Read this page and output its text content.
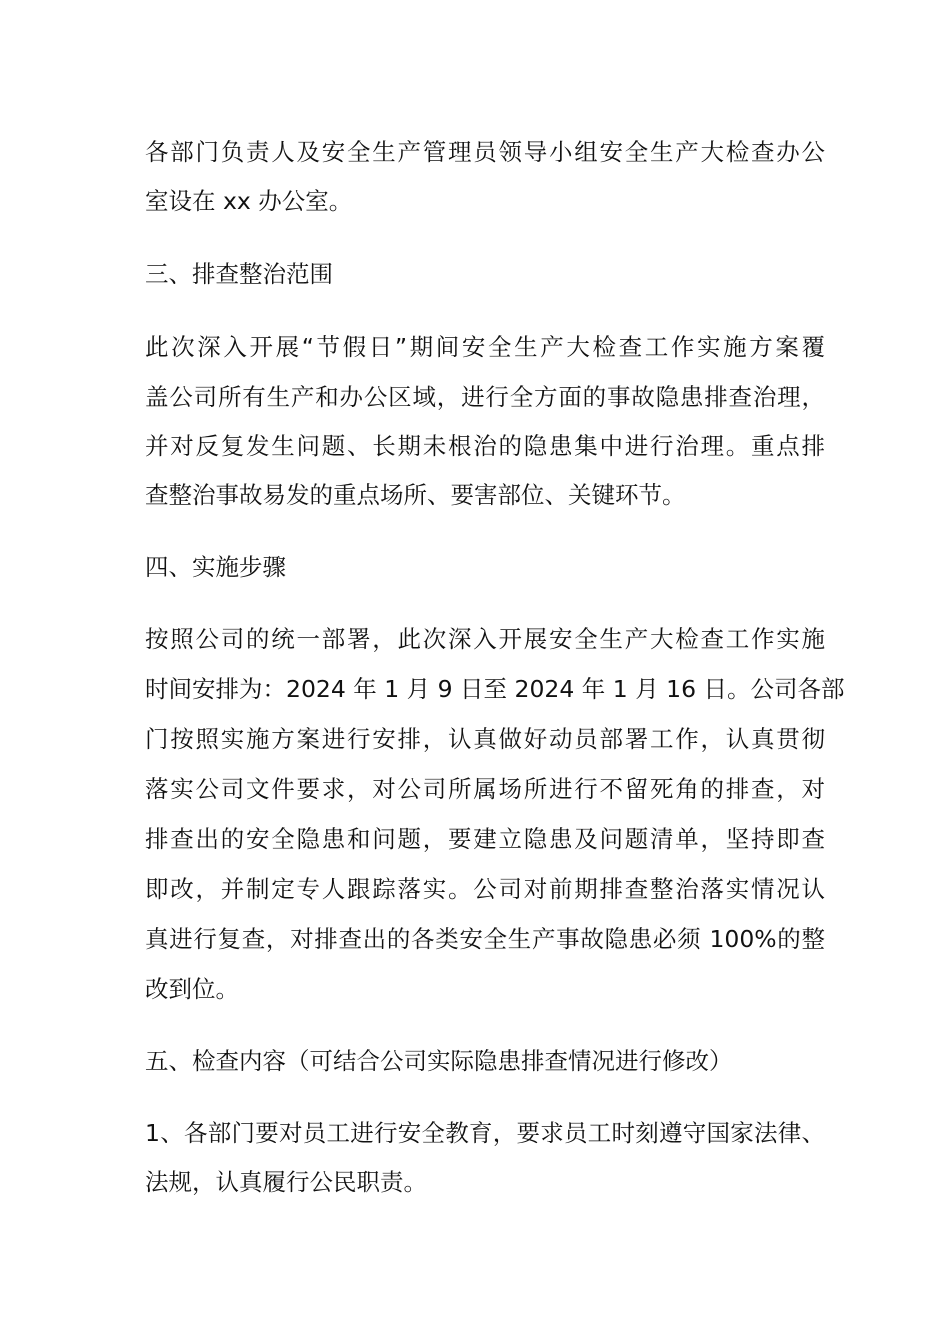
各部门负责人及安全生产管理员领导小组安全生产大检查办公
室设在 xx 办公室。
三、排查整治范围
此次深入开展“节假日”期间安全生产大检查工作实施方案覆
盖公司所有生产和办公区域，进行全方面的事故隐患排查治理，
并对反复发生问题、长期未根治的隐患集中进行治理。重点排
查整治事故易发的重点场所、要害部位、关键环节。
四、实施步骤
按照公司的统一部署，此次深入开展安全生产大检查工作实施
时间安排为：2024 年 1 月 9 日至 2024 年 1 月 16 日。公司各部
门按照实施方案进行安排，认真做好动员部署工作，认真贯彻
落实公司文件要求，对公司所属场所进行不留死角的排查，对
排查出的安全隐患和问题，要建立隐患及问题清单，坚持即查
即改，并制定专人跟踪落实。公司对前期排查整治落实情况认
真进行复查，对排查出的各类安全生产事故隐患必须 100%的整
改到位。
五、检查内容（可结合公司实际隐患排查情况进行修改）
1、各部门要对员工进行安全教育，要求员工时刻遵守国家法律、
法规，认真履行公民职责。
